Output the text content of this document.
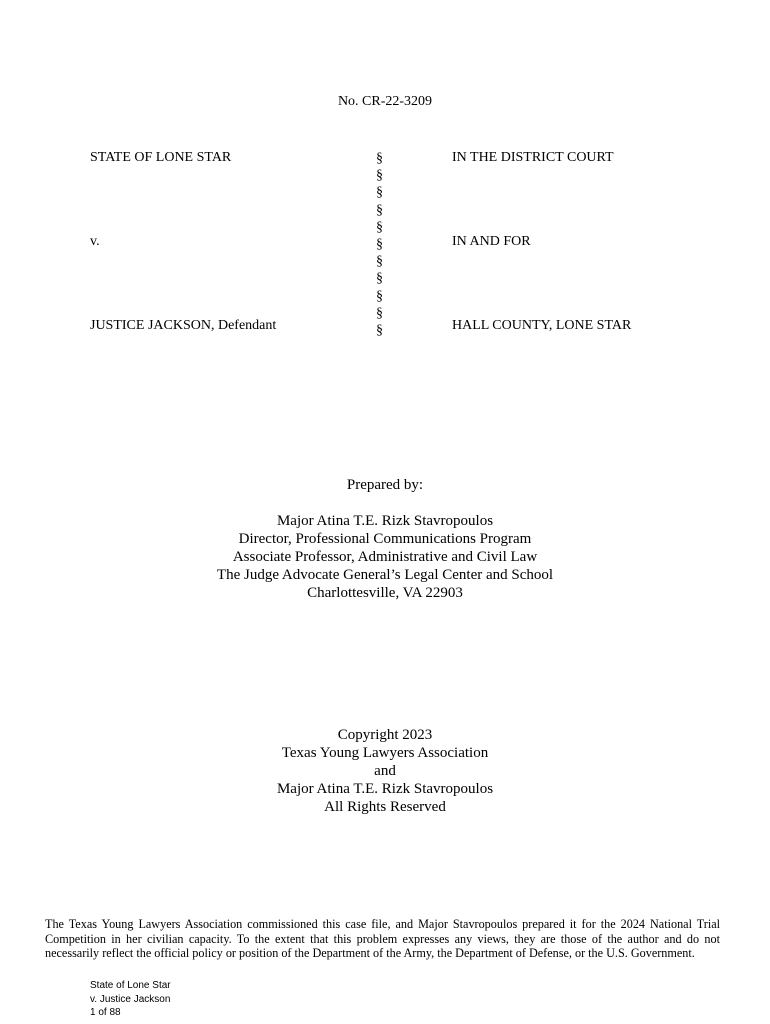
No. CR-22-3209
STATE OF LONE STAR
v.
JUSTICE JACKSON, Defendant
§
§
§
§
§
§
§
§
§
§
§
IN THE DISTRICT COURT
IN AND FOR
HALL COUNTY, LONE STAR
Prepared by:
Major Atina T.E. Rizk Stavropoulos
Director, Professional Communications Program
Associate Professor, Administrative and Civil Law
The Judge Advocate General’s Legal Center and School
Charlottesville, VA 22903
Copyright 2023
Texas Young Lawyers Association
and
Major Atina T.E. Rizk Stavropoulos
All Rights Reserved
The Texas Young Lawyers Association commissioned this case file, and Major Stavropoulos prepared it for the 2024 National Trial Competition in her civilian capacity. To the extent that this problem expresses any views, they are those of the author and do not necessarily reflect the official policy or position of the Department of the Army, the Department of Defense, or the U.S. Government.
State of Lone Star
v. Justice Jackson
1 of 88
